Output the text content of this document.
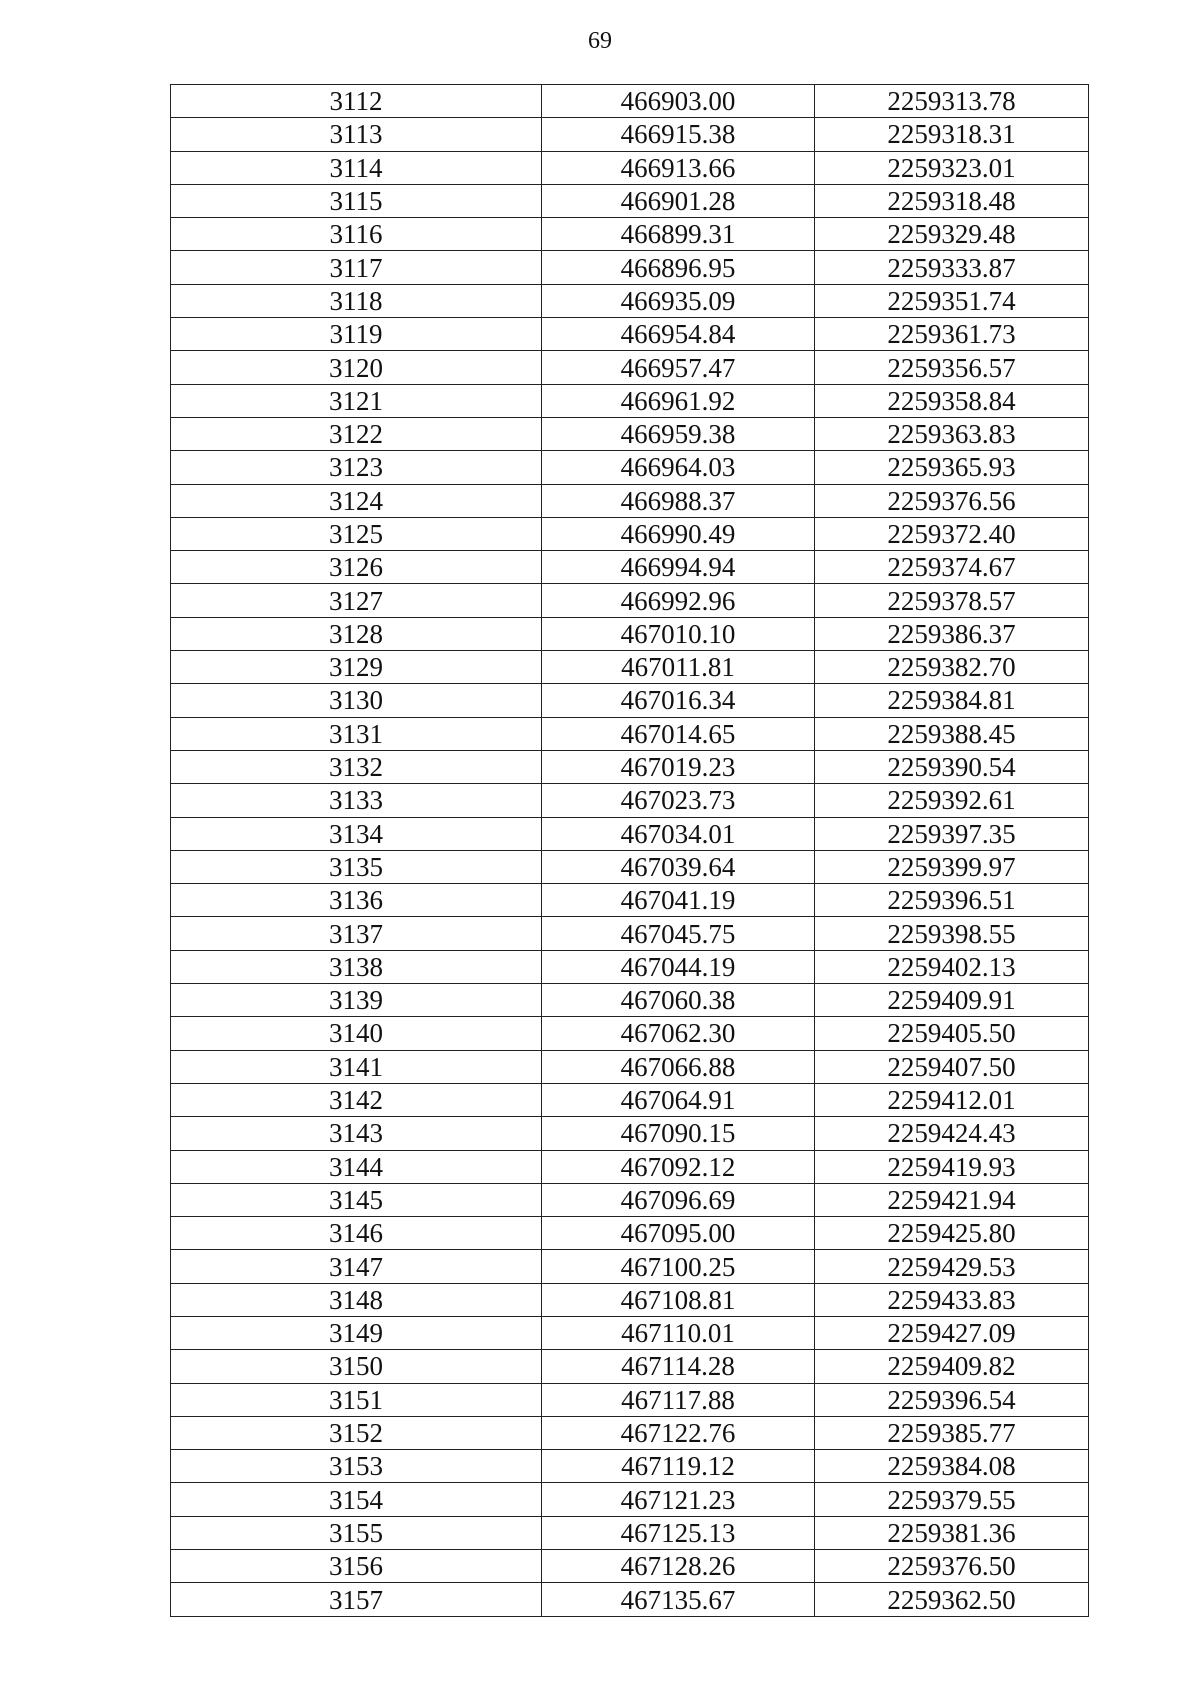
69
3112	466903.00	2259313.78
3113	466915.38	2259318.31
3114	466913.66	2259323.01
3115	466901.28	2259318.48
3116	466899.31	2259329.48
3117	466896.95	2259333.87
3118	466935.09	2259351.74
3119	466954.84	2259361.73
3120	466957.47	2259356.57
3121	466961.92	2259358.84
3122	466959.38	2259363.83
3123	466964.03	2259365.93
3124	466988.37	2259376.56
3125	466990.49	2259372.40
3126	466994.94	2259374.67
3127	466992.96	2259378.57
3128	467010.10	2259386.37
3129	467011.81	2259382.70
3130	467016.34	2259384.81
3131	467014.65	2259388.45
3132	467019.23	2259390.54
3133	467023.73	2259392.61
3134	467034.01	2259397.35
3135	467039.64	2259399.97
3136	467041.19	2259396.51
3137	467045.75	2259398.55
3138	467044.19	2259402.13
3139	467060.38	2259409.91
3140	467062.30	2259405.50
3141	467066.88	2259407.50
3142	467064.91	2259412.01
3143	467090.15	2259424.43
3144	467092.12	2259419.93
3145	467096.69	2259421.94
3146	467095.00	2259425.80
3147	467100.25	2259429.53
3148	467108.81	2259433.83
3149	467110.01	2259427.09
3150	467114.28	2259409.82
3151	467117.88	2259396.54
3152	467122.76	2259385.77
3153	467119.12	2259384.08
3154	467121.23	2259379.55
3155	467125.13	2259381.36
3156	467128.26	2259376.50
3157	467135.67	2259362.50
